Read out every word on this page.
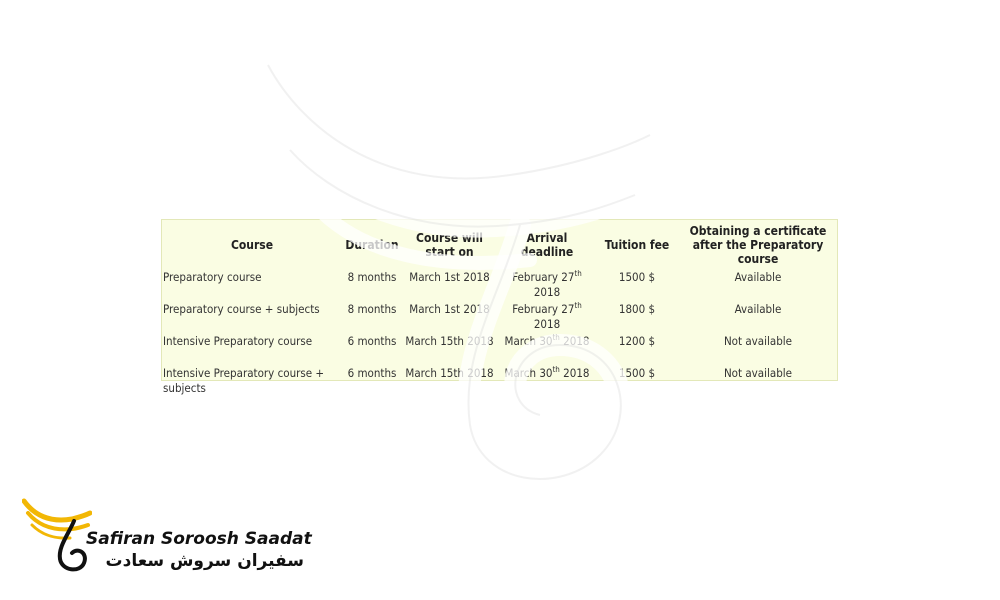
Course	Duration	Course will start on	Arrival deadline	Tuition fee	Obtaining a certificate after the Preparatory course
Preparatory course	8 months	March 1st 2018	February 27th 2018	1500 $	Available
Preparatory course + subjects	8 months	March 1st 2018	February 27th 2018	1800 $	Available
Intensive Preparatory course	6 months	March 15th 2018	March 30th 2018	1200 $	Not available
Intensive Preparatory course + subjects	6 months	March 15th 2018	March 30th 2018	1500 $	Not available
Safiran Soroosh Saadat
سفیران سروش سعادت
